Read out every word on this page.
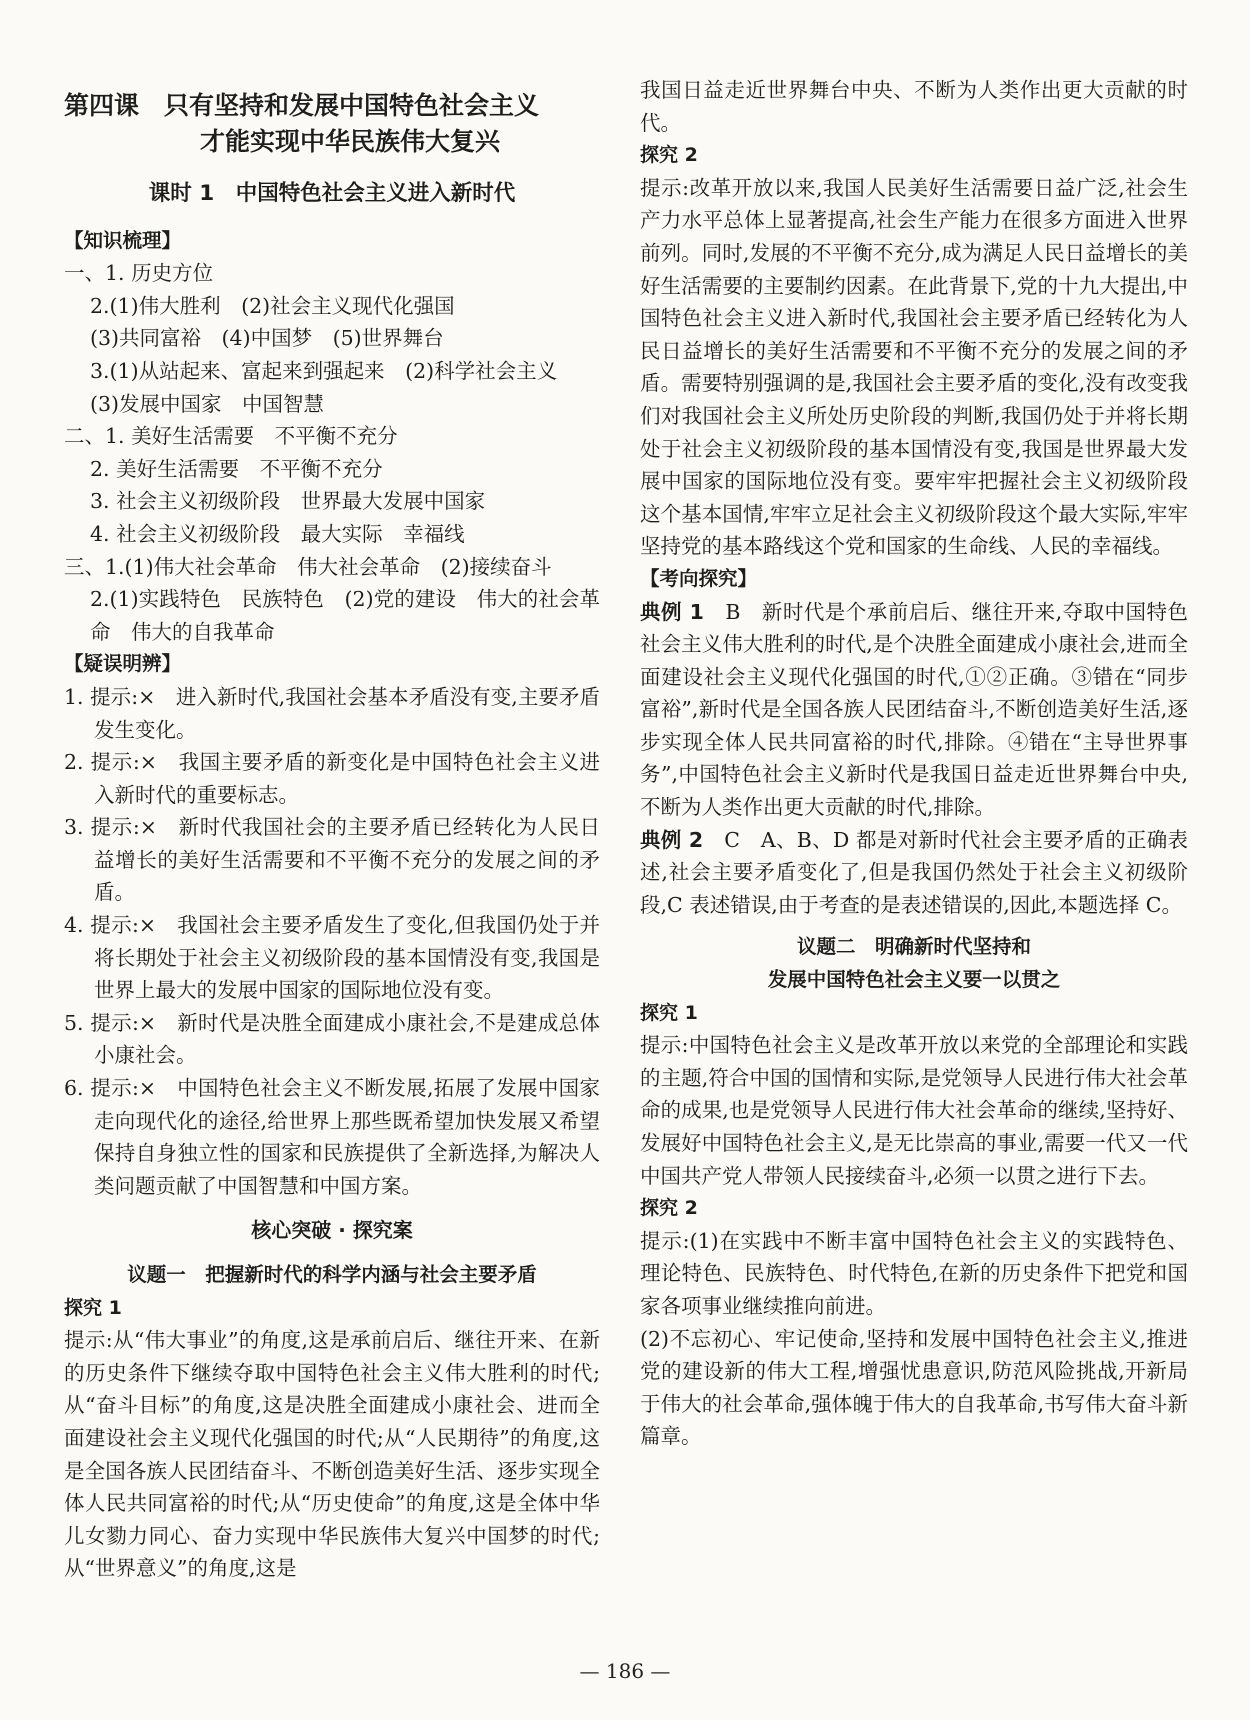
第四课　只有坚持和发展中国特色社会主义
才能实现中华民族伟大复兴
课时 1　中国特色社会主义进入新时代

【知识梳理】

一、1. 历史方位

2.(1)伟大胜利　(2)社会主义现代化强国

(3)共同富裕　(4)中国梦　(5)世界舞台

3.(1)从站起来、富起来到强起来　(2)科学社会主义

(3)发展中国家　中国智慧

二、1. 美好生活需要　不平衡不充分

2. 美好生活需要　不平衡不充分

3. 社会主义初级阶段　世界最大发展中国家

4. 社会主义初级阶段　最大实际　幸福线

三、1.(1)伟大社会革命　伟大社会革命　(2)接续奋斗

2.(1)实践特色　民族特色　(2)党的建设　伟大的社会革命　伟大的自我革命

【疑误明辨】

1. 提示:×　进入新时代,我国社会基本矛盾没有变,主要矛盾发生变化。

2. 提示:×　我国主要矛盾的新变化是中国特色社会主义进入新时代的重要标志。

3. 提示:×　新时代我国社会的主要矛盾已经转化为人民日益增长的美好生活需要和不平衡不充分的发展之间的矛盾。

4. 提示:×　我国社会主要矛盾发生了变化,但我国仍处于并将长期处于社会主义初级阶段的基本国情没有变,我国是世界上最大的发展中国家的国际地位没有变。

5. 提示:×　新时代是决胜全面建成小康社会,不是建成总体小康社会。

6. 提示:×　中国特色社会主义不断发展,拓展了发展中国家走向现代化的途径,给世界上那些既希望加快发展又希望保持自身独立性的国家和民族提供了全新选择,为解决人类问题贡献了中国智慧和中国方案。

核心突破 · 探究案
议题一　把握新时代的科学内涵与社会主要矛盾

探究 1

提示:从“伟大事业”的角度,这是承前启后、继往开来、在新的历史条件下继续夺取中国特色社会主义伟大胜利的时代;从“奋斗目标”的角度,这是决胜全面建成小康社会、进而全面建设社会主义现代化强国的时代;从“人民期待”的角度,这是全国各族人民团结奋斗、不断创造美好生活、逐步实现全体人民共同富裕的时代;从“历史使命”的角度,这是全体中华儿女勠力同心、奋力实现中华民族伟大复兴中国梦的时代;从“世界意义”的角度,这是

我国日益走近世界舞台中央、不断为人类作出更大贡献的时代。

探究 2

提示:改革开放以来,我国人民美好生活需要日益广泛,社会生产力水平总体上显著提高,社会生产能力在很多方面进入世界前列。同时,发展的不平衡不充分,成为满足人民日益增长的美好生活需要的主要制约因素。在此背景下,党的十九大提出,中国特色社会主义进入新时代,我国社会主要矛盾已经转化为人民日益增长的美好生活需要和不平衡不充分的发展之间的矛盾。需要特别强调的是,我国社会主要矛盾的变化,没有改变我们对我国社会主义所处历史阶段的判断,我国仍处于并将长期处于社会主义初级阶段的基本国情没有变,我国是世界最大发展中国家的国际地位没有变。要牢牢把握社会主义初级阶段这个基本国情,牢牢立足社会主义初级阶段这个最大实际,牢牢坚持党的基本路线这个党和国家的生命线、人民的幸福线。

【考向探究】

典例 1　B　新时代是个承前启后、继往开来,夺取中国特色社会主义伟大胜利的时代,是个决胜全面建成小康社会,进而全面建设社会主义现代化强国的时代,①②正确。③错在“同步富裕”,新时代是全国各族人民团结奋斗,不断创造美好生活,逐步实现全体人民共同富裕的时代,排除。④错在“主导世界事务”,中国特色社会主义新时代是我国日益走近世界舞台中央,不断为人类作出更大贡献的时代,排除。

典例 2　C　A、B、D 都是对新时代社会主要矛盾的正确表述,社会主要矛盾变化了,但是我国仍然处于社会主义初级阶段,C 表述错误,由于考查的是表述错误的,因此,本题选择 C。

议题二　明确新时代坚持和
发展中国特色社会主义要一以贯之

探究 1

提示:中国特色社会主义是改革开放以来党的全部理论和实践的主题,符合中国的国情和实际,是党领导人民进行伟大社会革命的成果,也是党领导人民进行伟大社会革命的继续,坚持好、发展好中国特色社会主义,是无比崇高的事业,需要一代又一代中国共产党人带领人民接续奋斗,必须一以贯之进行下去。

探究 2

提示:(1)在实践中不断丰富中国特色社会主义的实践特色、理论特色、民族特色、时代特色,在新的历史条件下把党和国家各项事业继续推向前进。

(2)不忘初心、牢记使命,坚持和发展中国特色社会主义,推进党的建设新的伟大工程,增强忧患意识,防范风险挑战,开新局于伟大的社会革命,强体魄于伟大的自我革命,书写伟大奋斗新篇章。

— 186 —
